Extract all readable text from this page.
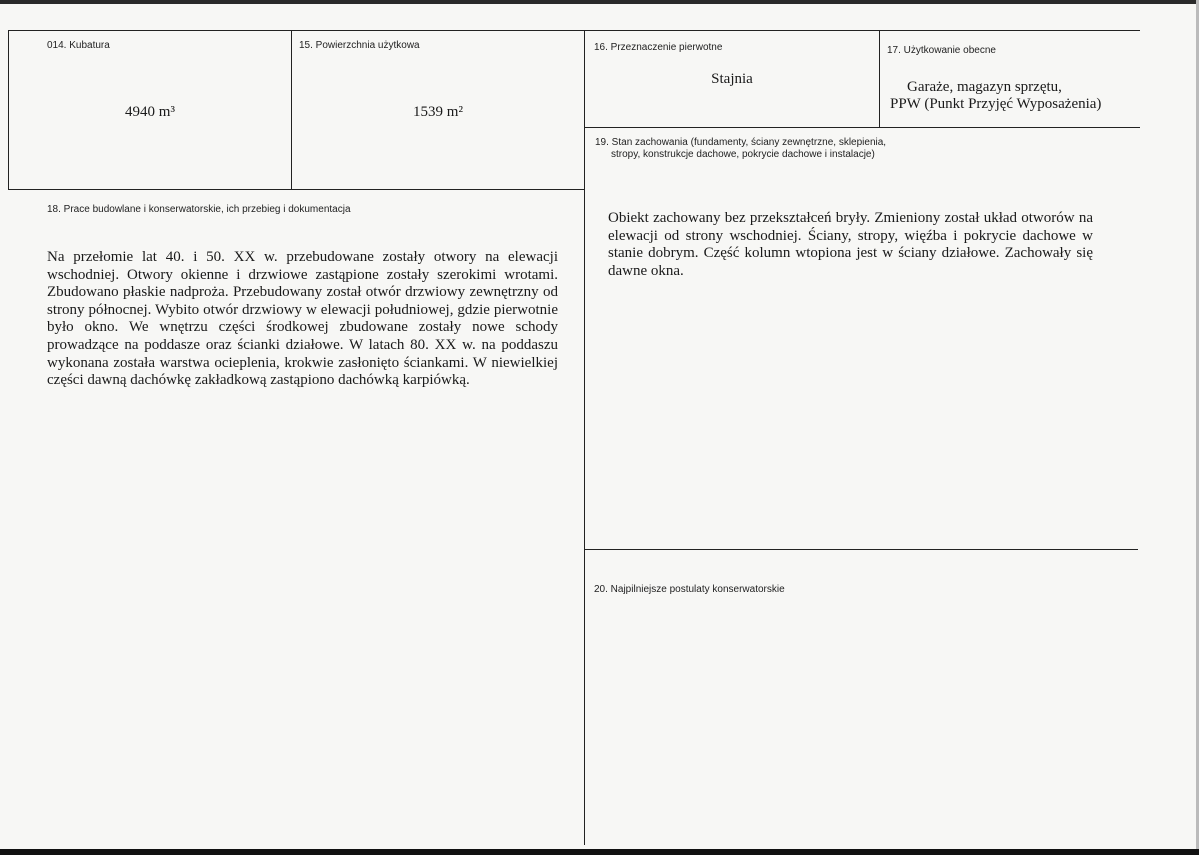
014. Kubatura
4940 m³
15. Powierzchnia użytkowa
1539 m²
16. Przeznaczenie pierwotne
Stajnia
17. Użytkowanie obecne
Garaże, magazyn sprzętu,
PPW (Punkt Przyjęć Wyposażenia)
18. Prace budowlane i konserwatorskie, ich przebieg i dokumentacja
Na przełomie lat 40. i 50. XX w. przebudowane zostały otwory na elewacji wschodniej. Otwory okienne i drzwiowe zastąpione zostały szerokimi wrotami. Zbudowano płaskie nadproża. Przebudowany został otwór drzwiowy zewnętrzny od strony północnej. Wybito otwór drzwiowy w elewacji południowej, gdzie pierwotnie było okno. We wnętrzu części środkowej zbudowane zostały nowe schody prowadzące na poddasze oraz ścianki działowe. W latach 80. XX w. na poddaszu wykonana została warstwa ocieplenia, krokwie zasłonięto ściankami. W niewielkiej części dawną dachówkę zakładkową zastąpiono dachówką karpiówką.
19. Stan zachowania (fundamenty, ściany zewnętrzne, sklepienia,
stropy, konstrukcje dachowe, pokrycie dachowe i instalacje)
Obiekt zachowany bez przekształceń bryły. Zmieniony został układ otworów na elewacji od strony wschodniej. Ściany, stropy, więźba i pokrycie dachowe w stanie dobrym. Część kolumn wtopiona jest w ściany działowe. Zachowały się dawne okna.
20. Najpilniejsze postulaty konserwatorskie
